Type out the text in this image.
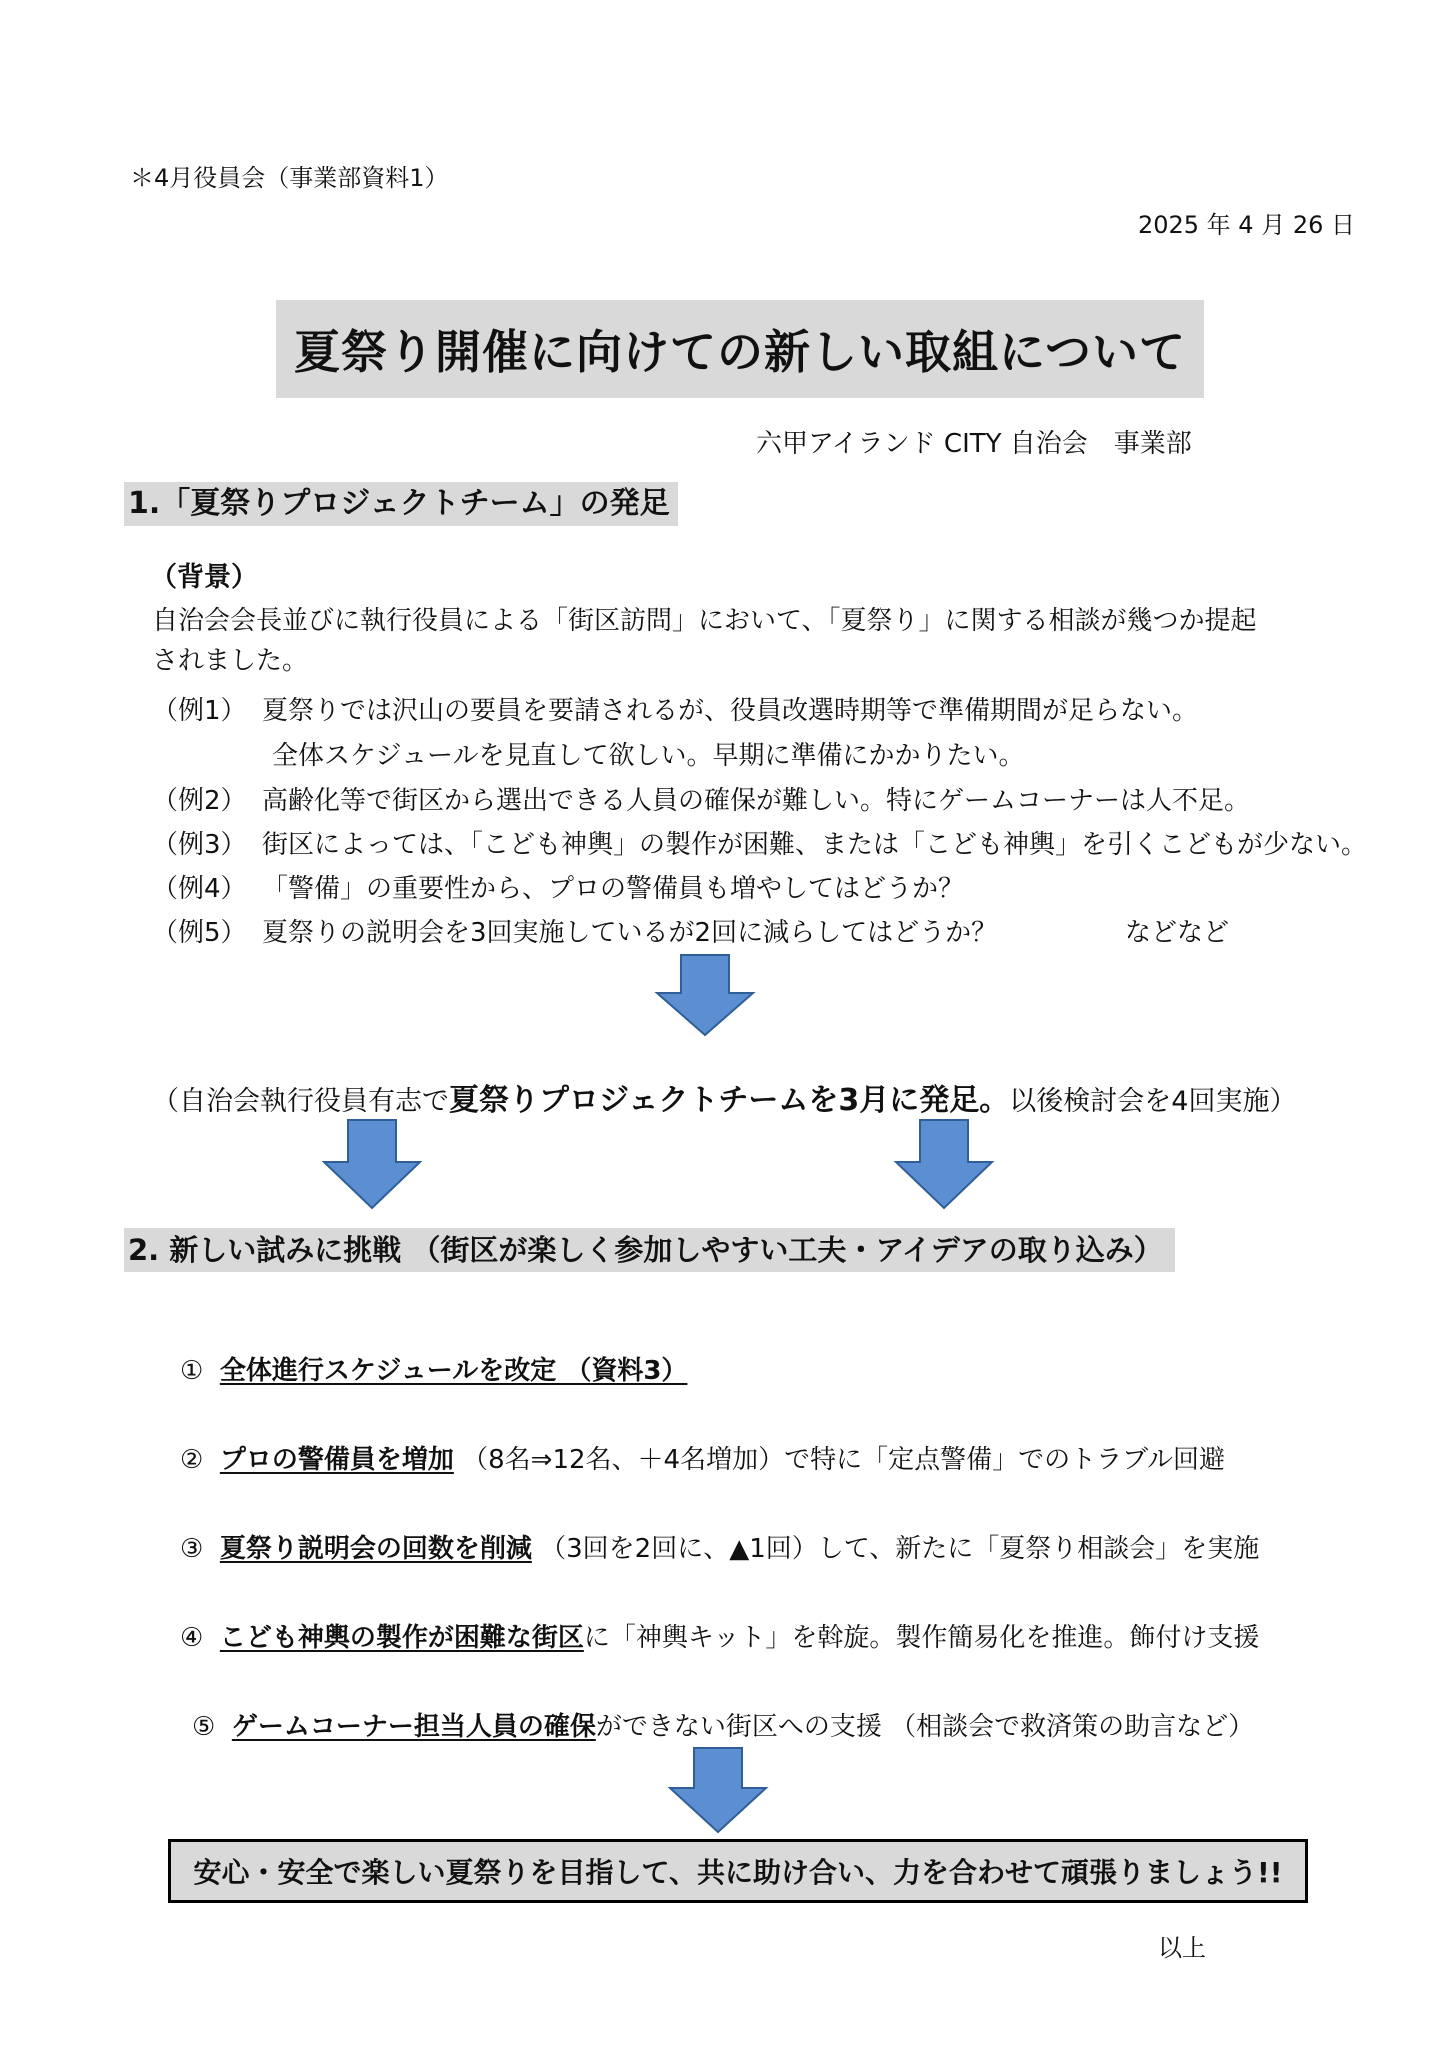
＊4月役員会（事業部資料1）
2025 年 4 月 26 日
夏祭り開催に向けての新しい取組について
六甲アイランド CITY 自治会　事業部
1.「夏祭りプロジェクトチーム」の発足
（背景）
自治会会長並びに執行役員による「街区訪問」において、「夏祭り」に関する相談が幾つか提起
されました。
（例1） 夏祭りでは沢山の要員を要請されるが、役員改選時期等で準備期間が足らない。
全体スケジュールを見直して欲しい。早期に準備にかかりたい。
（例2） 高齢化等で街区から選出できる人員の確保が難しい。特にゲームコーナーは人不足。
（例3） 街区によっては、「こども神輿」の製作が困難、または「こども神輿」を引くこどもが少ない。
（例4） 「警備」の重要性から、プロの警備員も増やしてはどうか？
（例5） 夏祭りの説明会を3回実施しているが2回に減らしてはどうか？	などなど
（自治会執行役員有志で夏祭りプロジェクトチームを3月に発足。以後検討会を4回実施）
2. 新しい試みに挑戦 （街区が楽しく参加しやすい工夫・アイデアの取り込み）
① 全体進行スケジュールを改定 （資料3）
② プロの警備員を増加 （8名⇒12名、＋4名増加）で特に「定点警備」でのトラブル回避
③ 夏祭り説明会の回数を削減 （3回を2回に、▲1回）して、新たに「夏祭り相談会」を実施
④ こども神輿の製作が困難な街区に「神輿キット」を斡旋。製作簡易化を推進。飾付け支援
⑤ ゲームコーナー担当人員の確保ができない街区への支援 （相談会で救済策の助言など）
安心・安全で楽しい夏祭りを目指して、共に助け合い、力を合わせて頑張りましょう!!
以上
